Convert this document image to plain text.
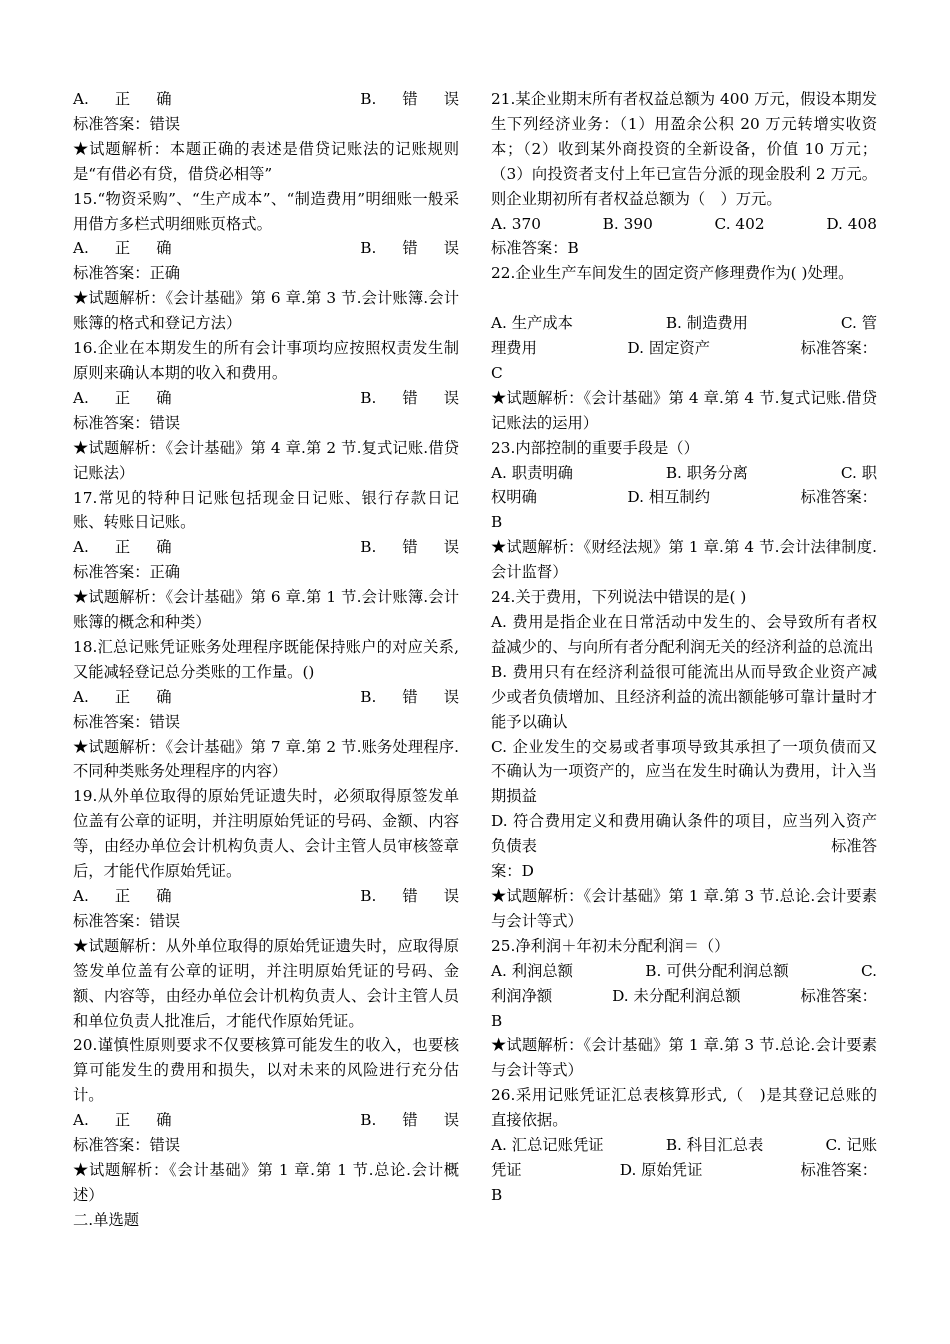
A. 正 确	B. 错 误

标准答案：错误

★试题解析：本题正确的表述是借贷记账法的记账规则是“有借必有贷，借贷必相等”

15.“物资采购”、“生产成本”、“制造费用”明细账一般采用借方多栏式明细账页格式。

A. 正 确	B. 错 误

标准答案：正确

★试题解析：《会计基础》第 6 章.第 3 节.会计账簿.会计账簿的格式和登记方法）

16.企业在本期发生的所有会计事项均应按照权责发生制原则来确认本期的收入和费用。

A. 正 确	B. 错 误

标准答案：错误

★试题解析：《会计基础》第 4 章.第 2 节.复式记账.借贷记账法）

17.常见的特种日记账包括现金日记账、银行存款日记账、转账日记账。

A. 正 确	B. 错 误

标准答案：正确

★试题解析：《会计基础》第 6 章.第 1 节.会计账簿.会计账簿的概念和种类）

18.汇总记账凭证账务处理程序既能保持账户的对应关系,又能减轻登记总分类账的工作量。()

A. 正 确	B. 错 误

标准答案：错误

★试题解析：《会计基础》第 7 章.第 2 节.账务处理程序.不同种类账务处理程序的内容）

19.从外单位取得的原始凭证遗失时，必须取得原签发单位盖有公章的证明，并注明原始凭证的号码、金额、内容等，由经办单位会计机构负责人、会计主管人员审核签章后，才能代作原始凭证。

A. 正 确	B. 错 误

标准答案：错误

★试题解析：从外单位取得的原始凭证遗失时，应取得原签发单位盖有公章的证明，并注明原始凭证的号码、金额、内容等，由经办单位会计机构负责人、会计主管人员和单位负责人批准后，才能代作原始凭证。

20.谨慎性原则要求不仅要核算可能发生的收入，也要核算可能发生的费用和损失，以对未来的风险进行充分估计。

A. 正 确	B. 错 误

标准答案：错误

★试题解析：《会计基础》第 1 章.第 1 节.总论.会计概述）

二.单选题

21.某企业期末所有者权益总额为 400 万元，假设本期发生下列经济业务：（1）用盈余公积 20 万元转增实收资本；（2）收到某外商投资的全新设备，价值 10 万元；（3）向投资者支付上年已宣告分派的现金股利 2 万元。则企业期初所有者权益总额为（　）万元。

A. 370	B. 390	C. 402	D. 408

标准答案：B

22.企业生产车间发生的固定资产修理费作为( )处理。

A. 生产成本	B. 制造费用	C. 管

理费用	D. 固定资产	标准答案：

C

★试题解析：《会计基础》第 4 章.第 4 节.复式记账.借贷记账法的运用）

23.内部控制的重要手段是（）

A. 职责明确	B. 职务分离	C. 职

权明确	D. 相互制约	标准答案：

B

★试题解析：《财经法规》第 1 章.第 4 节.会计法律制度.会计监督）

24.关于费用，下列说法中错误的是( )

A. 费用是指企业在日常活动中发生的、会导致所有者权益减少的、与向所有者分配利润无关的经济利益的总流出

B. 费用只有在经济利益很可能流出从而导致企业资产减少或者负债增加、且经济利益的流出额能够可靠计量时才能予以确认

C. 企业发生的交易或者事项导致其承担了一项负债而又不确认为一项资产的，应当在发生时确认为费用，计入当期损益

D. 符合费用定义和费用确认条件的项目，应当列入资产负债表	标准答

案：D

★试题解析：《会计基础》第 1 章.第 3 节.总论.会计要素与会计等式）

25.净利润＋年初未分配利润＝（）

A. 利润总额	B. 可供分配利润总额	C.

利润净额	D. 未分配利润总额	标准答案：

B

★试题解析：《会计基础》第 1 章.第 3 节.总论.会计要素与会计等式）

26.采用记账凭证汇总表核算形式,（　)是其登记总账的直接依据。

A. 汇总记账凭证	B. 科目汇总表	C. 记账

凭证	D. 原始凭证	标准答案：

B
